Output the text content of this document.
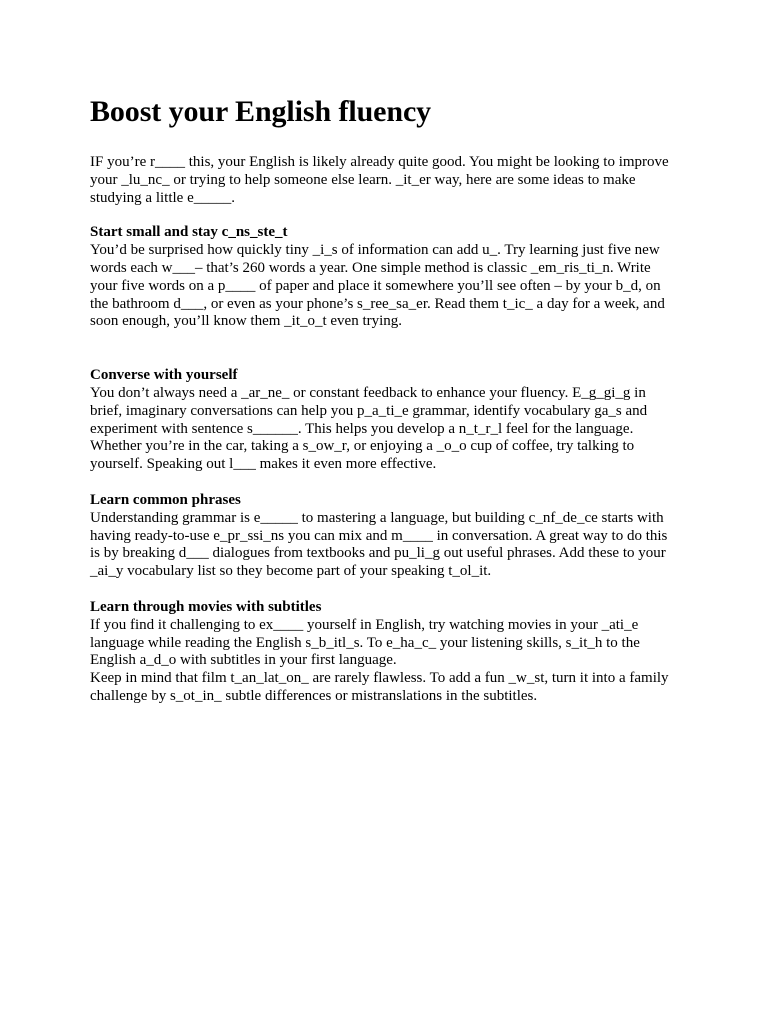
Boost your English fluency

IF you’re r____ this, your English is likely already quite good. You might be looking to improve your _lu_nc_ or trying to help someone else learn. _it_er way, here are some ideas to make studying a little e_____.

Start small and stay c_ns_ste_t

You’d be surprised how quickly tiny _i_s of information can add u_. Try learning just five new words each w___– that’s 260 words a year. One simple method is classic _em_ris_ti_n. Write your five words on a p____ of paper and place it somewhere you’ll see often – by your b_d, on the bathroom d___, or even as your phone’s s_ree_sa_er. Read them t_ic_ a day for a week, and soon enough, you’ll know them _it_o_t even trying.

Converse with yourself

You don’t always need a _ar_ne_ or constant feedback to enhance your fluency. E_g_gi_g in brief, imaginary conversations can help you p_a_ti_e grammar, identify vocabulary ga_s and experiment with sentence s______. This helps you develop a n_t_r_l feel for the language. Whether you’re in the car, taking a s_ow_r, or enjoying a _o_o cup of coffee, try talking to yourself. Speaking out l___ makes it even more effective.

Learn common phrases

Understanding grammar is e_____ to mastering a language, but building c_nf_de_ce starts with having ready-to-use e_pr_ssi_ns you can mix and m____ in conversation. A great way to do this is by breaking d___ dialogues from textbooks and pu_li_g out useful phrases. Add these to your _ai_y vocabulary list so they become part of your speaking t_ol_it.

Learn through movies with subtitles

If you find it challenging to ex____ yourself in English, try watching movies in your _ati_e language while reading the English s_b_itl_s. To e_ha_c_ your listening skills, s_it_h to the English a_d_o with subtitles in your first language.

Keep in mind that film t_an_lat_on_ are rarely flawless. To add a fun _w_st, turn it into a family challenge by s_ot_in_ subtle differences or mistranslations in the subtitles.
